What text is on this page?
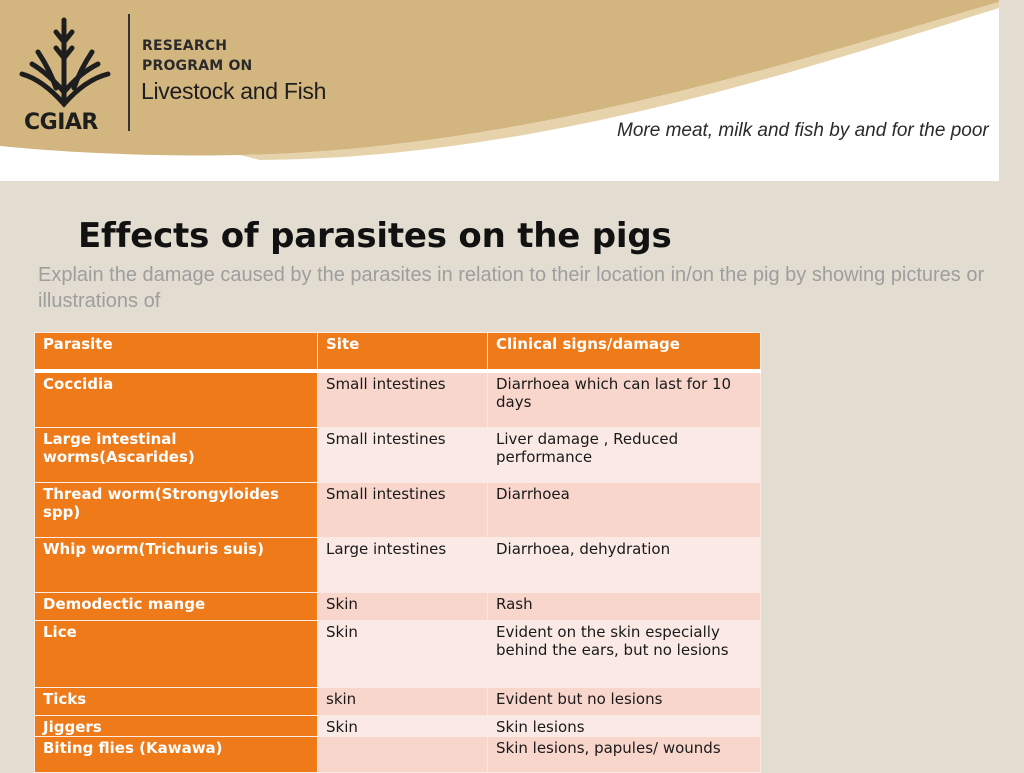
CGIAR
RESEARCH
PROGRAM ON
Livestock and Fish
More meat, milk and fish by and for the poor
Effects of parasites on the pigs

Explain the damage caused by the parasites in relation to their location in/on the pig by showing pictures or illustrations of

Parasite	Site	Clinical signs/damage
Coccidia	Small intestines	Diarrhoea which can last for 10 days
Large intestinal worms(Ascarides)	Small intestines	Liver damage , Reduced performance
Thread worm(Strongyloides spp)	Small intestines	Diarrhoea
Whip worm(Trichuris suis)	Large intestines	Diarrhoea, dehydration
Demodectic mange	Skin	Rash
Lice	Skin	Evident on the skin especially behind the ears, but no lesions
Ticks	skin	Evident but no lesions
Jiggers	Skin	Skin lesions
Biting flies (Kawawa)		Skin lesions, papules/ wounds
